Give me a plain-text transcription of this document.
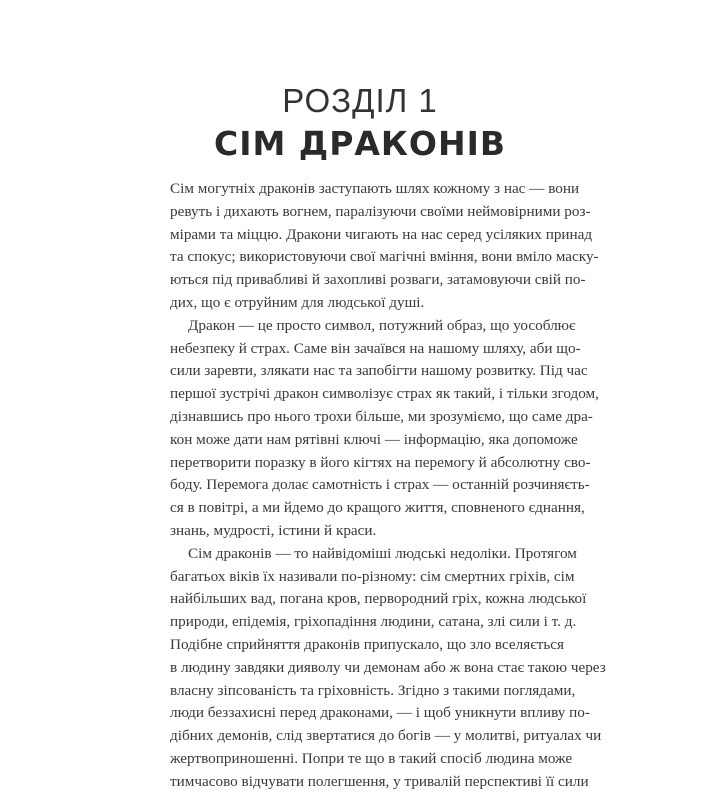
РОЗДІЛ 1
СІМ ДРАКОНІВ
Сім могутніх драконів заступають шлях кожному з нас — вони
ревуть і дихають вогнем, паралізуючи своїми неймовірними роз-
мірами та міццю. Дракони чигають на нас серед усіляких принад
та спокус; використовуючи свої магічні вміння, вони вміло маску-
ються під привабливі й захопливі розваги, затамовуючи свій по-
дих, що є отруйним для людської душі.
Дракон — це просто символ, потужний образ, що уособлює
небезпеку й страх. Саме він зачаївся на нашому шляху, аби що-
сили заревти, злякати нас та запобігти нашому розвитку. Під час
першої зустрічі дракон символізує страх як такий, і тільки згодом,
дізнавшись про нього трохи більше, ми зрозуміємо, що саме дра-
кон може дати нам рятівні ключі — інформацію, яка допоможе
перетворити поразку в його кігтях на перемогу й абсолютну сво-
боду. Перемога долає самотність і страх — останній розчиняєть-
ся в повітрі, а ми йдемо до кращого життя, сповненого єднання,
знань, мудрості, істини й краси.
Сім драконів — то найвідоміші людські недоліки. Протягом
багатьох віків їх називали по-різному: сім смертних гріхів, сім
найбільших вад, погана кров, первородний гріх, кожна людської
природи, епідемія, гріхопадіння людини, сатана, злі сили і т. д.
Подібне сприйняття драконів припускало, що зло вселяється
в людину завдяки дияволу чи демонам або ж вона стає такою через
власну зіпсованість та гріховність. Згідно з такими поглядами,
люди беззахисні перед драконами, — і щоб уникнути впливу по-
дібних демонів, слід звертатися до богів — у молитві, ритуалах чи
жертвоприношенні. Попри те що в такий спосіб людина може
тимчасово відчувати полегшення, у тривалій перспективі її сили
